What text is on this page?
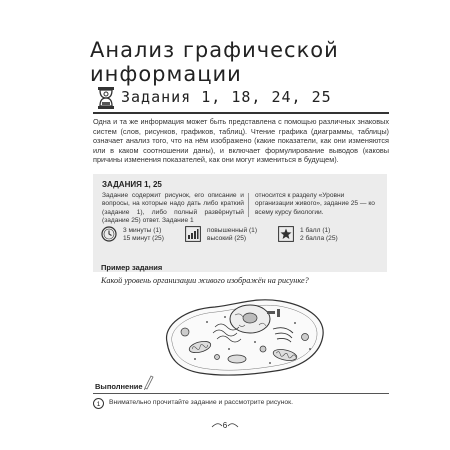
Анализ графической
информации
Задания 1, 18, 24, 25
Одна и та же информация может быть представлена с помощью различных знаковых систем (слов, рисунков, графиков, таблиц). Чтение графика (диаграммы, таблицы) означает анализ того, что на нём изображено (какие показатели, как они изменяются или в каком соотношении даны), и включает формулирование выводов (каковы причины изменения показателей, как они могут измениться в будущем).
ЗАДАНИЯ 1, 25
Задание содержит рисунок, его описание и вопросы, на которые надо дать либо краткий (задание 1), либо полный развёрнутый (задание 25) ответ. Задание 1
относится к разделу «Уровни организации живого», задание 25 — ко всему курсу биологии.
3 минуты (1)
15 минут (25)
повышенный (1)
высокий (25)
1 балл (1)
2 балла (25)
Пример задания
Какой уровень организации живого изображён на рисунке?
Выполнение
1	Внимательно прочитайте задание и рассмотрите рисунок.
6
